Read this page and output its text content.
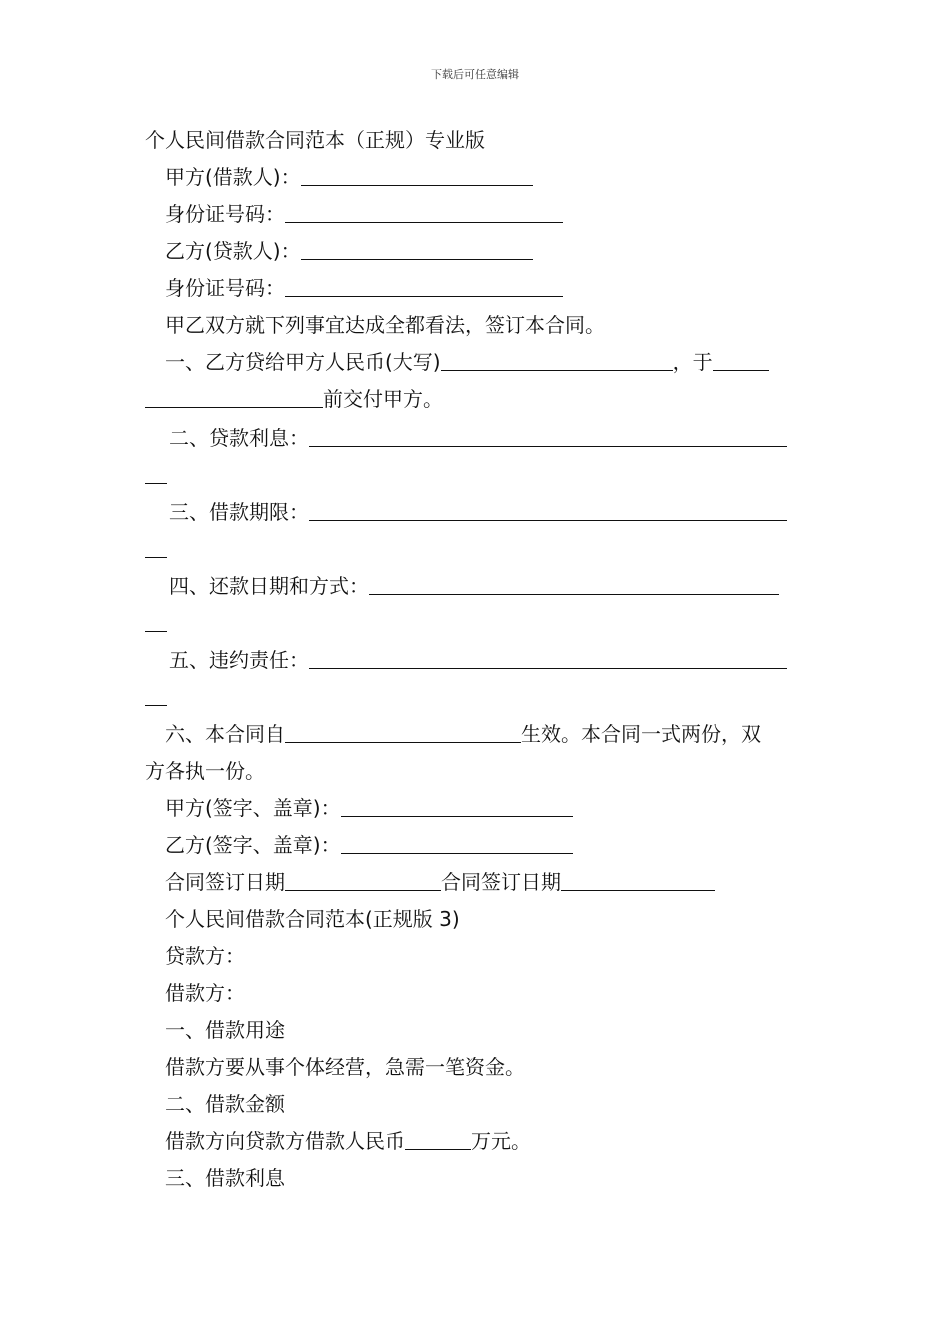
下载后可任意编辑

个人民间借款合同范本（正规）专业版

甲方(借款人)：

身份证号码：

乙方(贷款人)：

身份证号码：

甲乙双方就下列事宜达成全都看法，签订本合同。

一、乙方贷给甲方人民币(大写)	，于

前交付甲方。

二、贷款利息：

三、借款期限：

四、还款日期和方式：

五、违约责任：

六、本合同自	生效。本合同一式两份，双

方各执一份。

甲方(签字、盖章)：

乙方(签字、盖章)：

合同签订日期	合同签订日期

个人民间借款合同范本(正规版 3)

贷款方：

借款方：

一、借款用途

借款方要从事个体经营，急需一笔资金。

二、借款金额

借款方向贷款方借款人民币	万元。

三、借款利息
